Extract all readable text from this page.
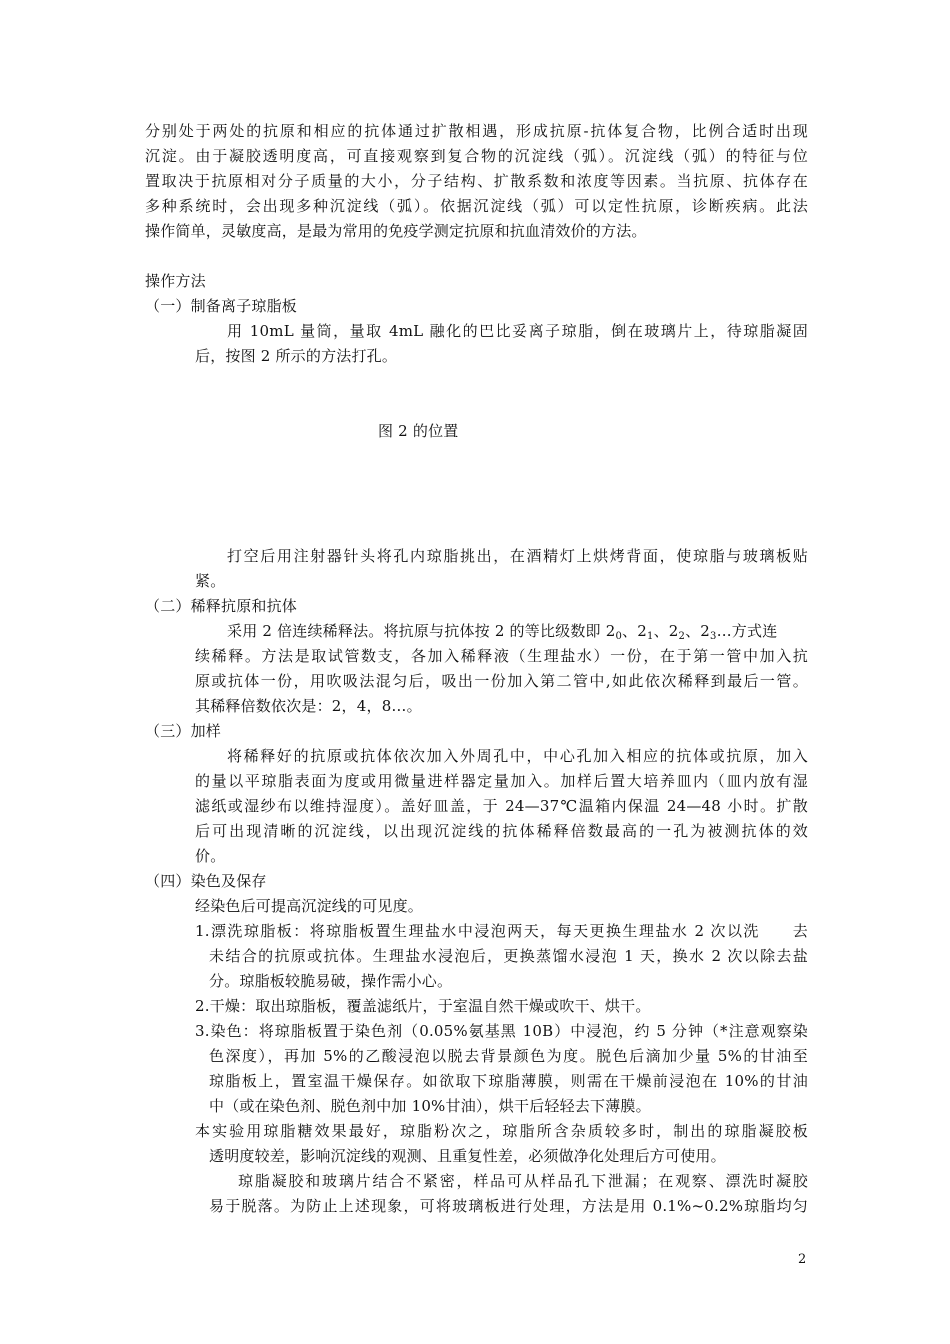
分别处于两处的抗原和相应的抗体通过扩散相遇，形成抗原-抗体复合物，比例合适时出现
沉淀。由于凝胶透明度高，可直接观察到复合物的沉淀线（弧）。沉淀线（弧）的特征与位
置取决于抗原相对分子质量的大小，分子结构、扩散系数和浓度等因素。当抗原、抗体存在
多种系统时，会出现多种沉淀线（弧）。依据沉淀线（弧）可以定性抗原，诊断疾病。此法
操作简单，灵敏度高，是最为常用的免疫学测定抗原和抗血清效价的方法。
操作方法
（一）制备离子琼脂板
用 10mL 量筒，量取 4mL 融化的巴比妥离子琼脂，倒在玻璃片上，待琼脂凝固
后，按图 2 所示的方法打孔。
图 2 的位置
打空后用注射器针头将孔内琼脂挑出，在酒精灯上烘烤背面，使琼脂与玻璃板贴
紧。
（二）稀释抗原和抗体
采用 2 倍连续稀释法。将抗原与抗体按 2 的等比级数即 $2_0$、$2_1$、$2_2$、$2_3\dots$方式连
续稀释。方法是取试管数支，各加入稀释液（生理盐水）一份，在于第一管中加入抗
原或抗体一份，用吹吸法混匀后，吸出一份加入第二管中,如此依次稀释到最后一管。
其稀释倍数依次是：2，4，8…。
（三）加样
将稀释好的抗原或抗体依次加入外周孔中，中心孔加入相应的抗体或抗原，加入
的量以平琼脂表面为度或用微量进样器定量加入。加样后置大培养皿内（皿内放有湿
滤纸或湿纱布以维持湿度）。盖好皿盖，于 24—37℃温箱内保温 24—48 小时。扩散
后可出现清晰的沉淀线，以出现沉淀线的抗体稀释倍数最高的一孔为被测抗体的效
价。
（四）染色及保存
经染色后可提高沉淀线的可见度。
1.漂洗琼脂板：将琼脂板置生理盐水中浸泡两天，每天更换生理盐水 2 次以洗　　去
未结合的抗原或抗体。生理盐水浸泡后，更换蒸馏水浸泡 1 天，换水 2 次以除去盐
分。琼脂板较脆易破，操作需小心。
2.干燥：取出琼脂板，覆盖滤纸片，于室温自然干燥或吹干、烘干。
3.染色：将琼脂板置于染色剂（0.05%氨基黑 10B）中浸泡，约 5 分钟（*注意观察染
色深度），再加 5%的乙酸浸泡以脱去背景颜色为度。脱色后滴加少量 5%的甘油至
琼脂板上，置室温干燥保存。如欲取下琼脂薄膜，则需在干燥前浸泡在 10%的甘油
中（或在染色剂、脱色剂中加 10%甘油），烘干后轻轻去下薄膜。
本实验用琼脂糖效果最好，琼脂粉次之，琼脂所含杂质较多时，制出的琼脂凝胶板
透明度较差，影响沉淀线的观测、且重复性差，必须做净化处理后方可使用。
琼脂凝胶和玻璃片结合不紧密，样品可从样品孔下泄漏；在观察、漂洗时凝胶
易于脱落。为防止上述现象，可将玻璃板进行处理，方法是用 0.1%~0.2%琼脂均匀
2
